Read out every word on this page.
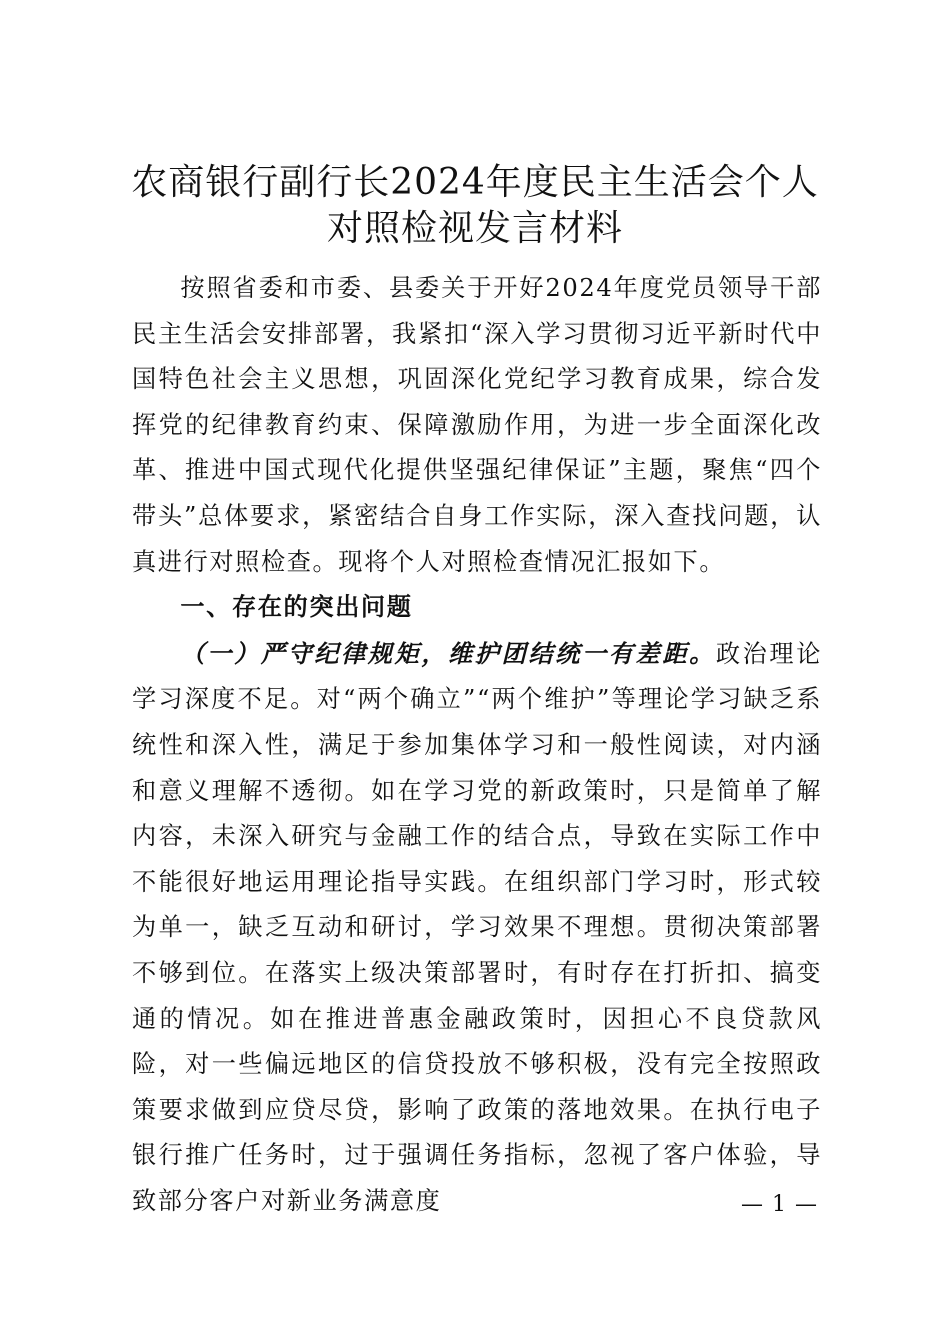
农商银行副行长2024年度民主生活会个人对照检视发言材料

按照省委和市委、县委关于开好2024年度党员领导干部民主生活会安排部署，我紧扣“深入学习贯彻习近平新时代中国特色社会主义思想，巩固深化党纪学习教育成果，综合发挥党的纪律教育约束、保障激励作用，为进一步全面深化改革、推进中国式现代化提供坚强纪律保证”主题，聚焦“四个带头”总体要求，紧密结合自身工作实际，深入查找问题，认真进行对照检查。现将个人对照检查情况汇报如下。

一、存在的突出问题

（一）严守纪律规矩，维护团结统一有差距。政治理论学习深度不足。对“两个确立”“两个维护”等理论学习缺乏系统性和深入性，满足于参加集体学习和一般性阅读，对内涵和意义理解不透彻。如在学习党的新政策时，只是简单了解内容，未深入研究与金融工作的结合点，导致在实际工作中不能很好地运用理论指导实践。在组织部门学习时，形式较为单一，缺乏互动和研讨，学习效果不理想。贯彻决策部署不够到位。在落实上级决策部署时，有时存在打折扣、搞变通的情况。如在推进普惠金融政策时，因担心不良贷款风险，对一些偏远地区的信贷投放不够积极，没有完全按照政策要求做到应贷尽贷，影响了政策的落地效果。在执行电子银行推广任务时，过于强调任务指标，忽视了客户体验，导致部分客户对新业务满意度	— 1 —
